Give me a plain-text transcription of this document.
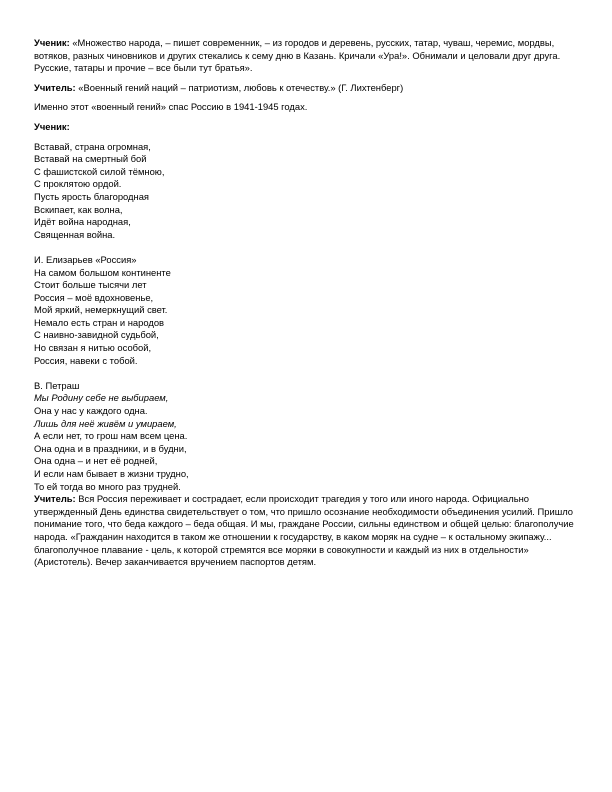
Ученик: «Множество народа, – пишет современник, – из городов и деревень, русских, татар, чуваш, черемис, мордвы, вотяков, разных чиновников и других стекались к сему дню в Казань. Кричали «Ура!». Обнимали и целовали друг друга. Русские, татары и прочие – все были тут братья».

Учитель: «Военный гений наций – патриотизм, любовь к отечеству.» (Г. Лихтенберг)

Именно этот «военный гений» спас Россию в 1941-1945 годах.

Ученик:

Вставай, страна огромная,
Вставай на смертный бой
С фашистской силой тёмною,
С проклятою ордой.
Пусть ярость благородная
Вскипает, как волна,
Идёт война народная,
Священная война.

И. Елизарьев «Россия»
На самом большом континенте
Стоит больше тысячи лет
Россия – моё вдохновенье,
Мой яркий, немеркнущий свет.
Немало есть стран и народов
С наивно-завидной судьбой,
Но связан я нитью особой,
Россия, навеки с тобой.

В. Петраш
Мы Родину себе не выбираем,
Она у нас у каждого одна.
Лишь для неё живём и умираем,
А если нет, то грош нам всем цена.
Она одна и в праздники, и в будни,
Она одна – и нет её родней,
И если нам бывает в жизни трудно,
То ей тогда во много раз трудней.

Учитель: Вся Россия переживает и сострадает, если происходит трагедия у того или иного народа. Официально утвержденный День единства свидетельствует о том, что пришло осознание необходимости объединения усилий. Пришло понимание того, что беда каждого – беда общая. И мы, граждане России, сильны единством и общей целью: благополучие народа. «Гражданин находится в таком же отношении к государству, в каком моряк на судне – к остальному экипажу... благополучное плавание - цель, к которой стремятся все моряки в совокупности и каждый из них в отдельности» (Аристотель). Вечер заканчивается вручением паспортов детям.
